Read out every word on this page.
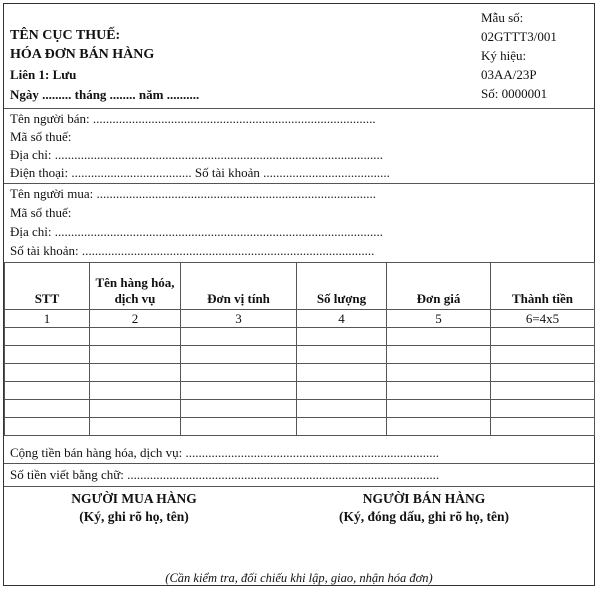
TÊN CỤC THUẾ:
HÓA ĐƠN BÁN HÀNG
Liên 1: Lưu
Ngày ......... tháng ........ năm ..........
Mẫu số:
02GTTT3/001
Ký hiệu:
03AA/23P
Số: 0000001
Tên người bán: .......................................................................................
Mã số thuế:
Địa chỉ: .....................................................................................................
Điện thoại: ..................................... Số tài khoản .......................................
Tên người mua: ......................................................................................
Mã số thuế:
Địa chỉ: .....................................................................................................
Số tài khoản: ..........................................................................................
STT	Tên hàng hóa, dịch vụ	Đơn vị tính	Số lượng	Đơn giá	Thành tiền
1	2	3	4	5	6=4x5

Cộng tiền bán hàng hóa, dịch vụ: ..............................................................................
Số tiền viết bằng chữ: ................................................................................................
NGƯỜI MUA HÀNG
(Ký, ghi rõ họ, tên)
NGƯỜI BÁN HÀNG
(Ký, đóng dấu, ghi rõ họ, tên)
(Cần kiểm tra, đối chiếu khi lập, giao, nhận hóa đơn)
